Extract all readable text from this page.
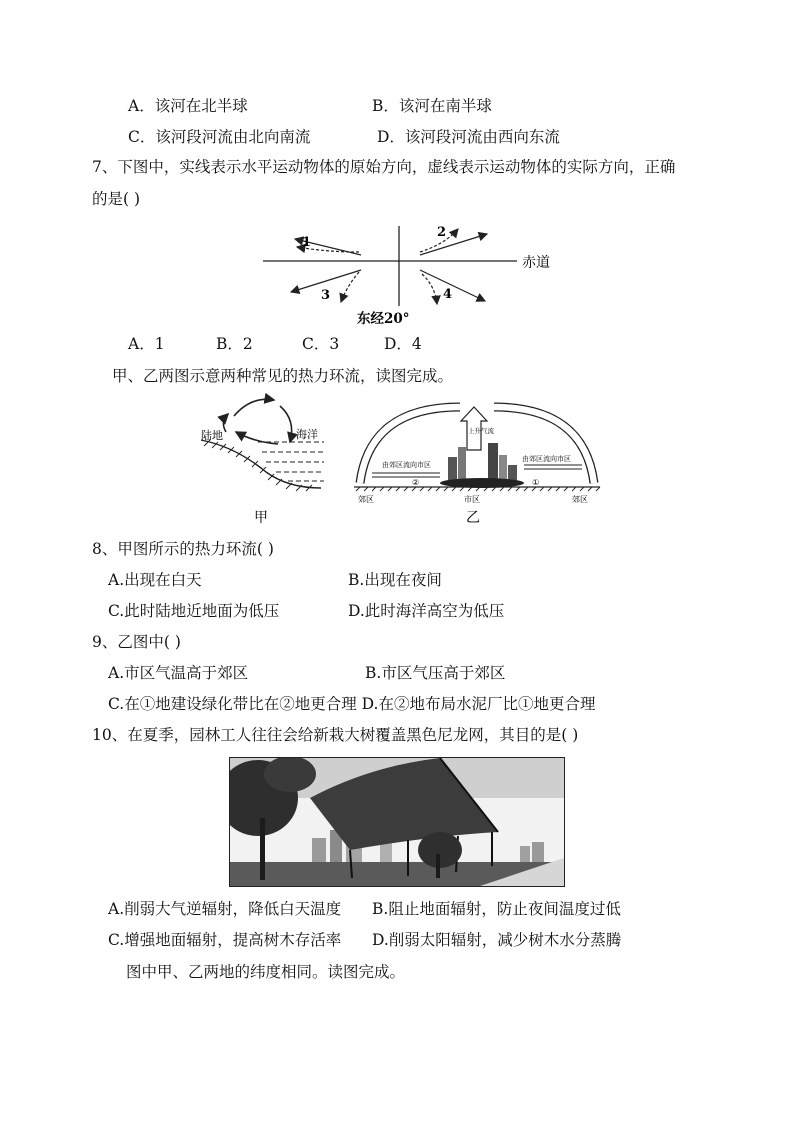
A．该河在北半球	B．该河在南半球
C．该河段河流由北向南流	D．该河段河流由西向东流
7、下图中，实线表示水平运动物体的原始方向，虚线表示运动物体的实际方向，正确
的是( )
赤道
东经20°
1
2
3	4
A．1	B．2	C．3	D．4
甲、乙两图示意两种常见的热力环流，读图完成。
陆地	海洋
甲
上升气流
由郊区流向市区
由郊区流向市区
②	①
郊区	市区	郊区
乙
8、甲图所示的热力环流( )
A.出现在白天	B.出现在夜间
C.此时陆地近地面为低压	D.此时海洋高空为低压
9、乙图中( )
A.市区气温高于郊区	B.市区气压高于郊区
C.在①地建设绿化带比在②地更合理 D.在②地布局水泥厂比①地更合理
10、在夏季，园林工人往往会给新栽大树覆盖黑色尼龙网，其目的是( )
A.削弱大气逆辐射，降低白天温度 B.阻止地面辐射，防止夜间温度过低
C.增强地面辐射，提高树木存活率 D.削弱太阳辐射，减少树木水分蒸腾
图中甲、乙两地的纬度相同。读图完成。
